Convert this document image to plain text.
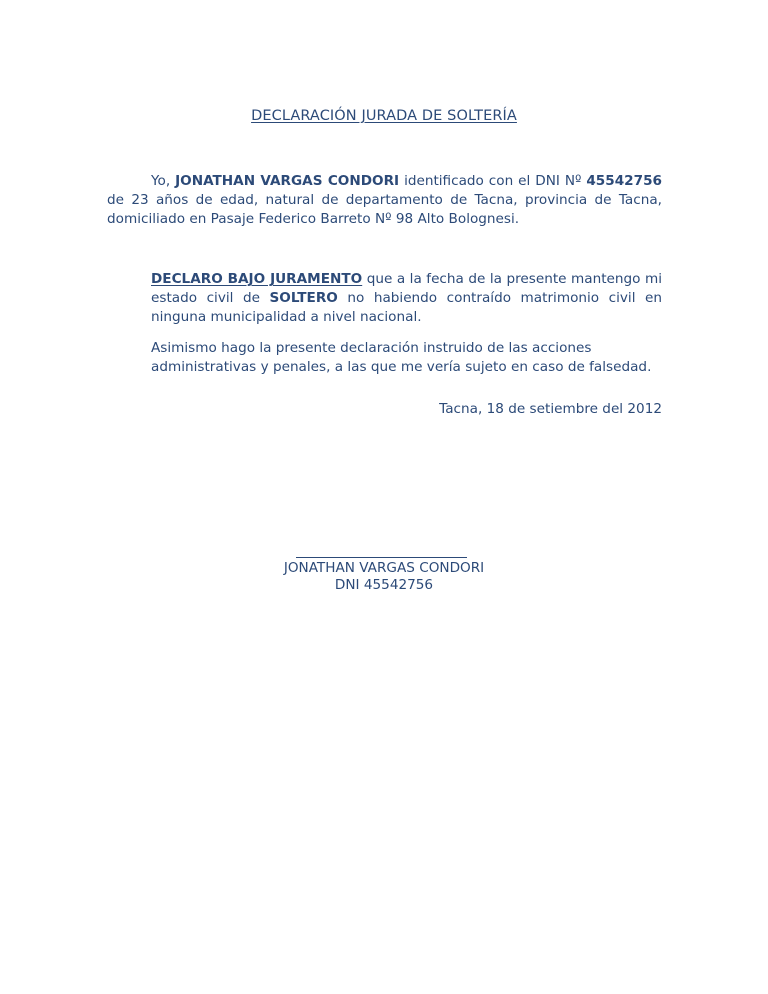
DECLARACIÓN JURADA DE SOLTERÍA
Yo, JONATHAN VARGAS CONDORI identificado con el DNI Nº 45542756
de 23 años de edad, natural de departamento de Tacna, provincia de Tacna,
domiciliado en Pasaje Federico Barreto Nº 98 Alto Bolognesi.
DECLARO BAJO JURAMENTO que a la fecha de la presente mantengo mi
estado civil de SOLTERO no habiendo contraído matrimonio civil en
ninguna municipalidad a nivel nacional.
Asimismo hago la presente declaración instruido de las acciones
administrativas y penales, a las que me vería sujeto en caso de falsedad.
Tacna, 18 de setiembre del 2012
JONATHAN VARGAS CONDORI
DNI 45542756
